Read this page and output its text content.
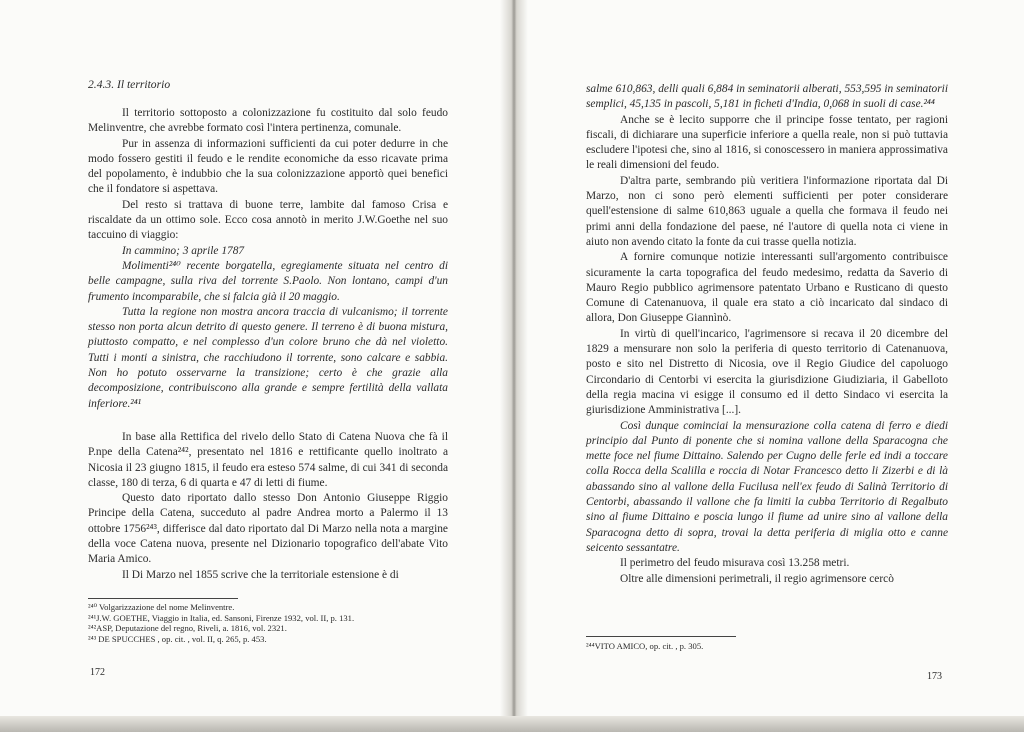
2.4.3. Il territorio

Il territorio sottoposto a colonizzazione fu costituito dal solo feudo Melinventre, che avrebbe formato così l'intera pertinenza, comunale.

Pur in assenza di informazioni sufficienti da cui poter dedurre in che modo fossero gestiti il feudo e le rendite economiche da esso ricavate prima del popolamento, è indubbio che la sua colonizzazione apportò quei benefici che il fondatore si aspettava.

Del resto si trattava di buone terre, lambite dal famoso Crisa e riscaldate da un ottimo sole. Ecco cosa annotò in merito J.W.Goethe nel suo taccuino di viaggio:

In cammino; 3 aprile 1787

Molimenti²⁴⁰ recente borgatella, egregiamente situata nel centro di belle campagne, sulla riva del torrente S.Paolo. Non lontano, campi d'un frumento incomparabile, che si falcia già il 20 maggio.

Tutta la regione non mostra ancora traccia di vulcanismo; il torrente stesso non porta alcun detrito di questo genere. Il terreno è di buona mistura, piuttosto compatto, e nel complesso d'un colore bruno che dà nel violetto. Tutti i monti a sinistra, che racchiudono il torrente, sono calcare e sabbia. Non ho potuto osservarne la transizione; certo è che grazie alla decomposizione, contribuiscono alla grande e sempre fertilità della vallata inferiore.²⁴¹

In base alla Rettifica del rivelo dello Stato di Catena Nuova che fà il P.npe della Catena²⁴², presentato nel 1816 e rettificante quello inoltrato a Nicosia il 23 giugno 1815, il feudo era esteso 574 salme, di cui 341 di seconda classe, 180 di terza, 6 di quarta e 47 di letti di fiume.

Questo dato riportato dallo stesso Don Antonio Giuseppe Riggio Principe della Catena, succeduto al padre Andrea morto a Palermo il 13 ottobre 1756²⁴³, differisce dal dato riportato dal Di Marzo nella nota a margine della voce Catena nuova, presente nel Dizionario topografico dell'abate Vito Maria Amico.

Il Di Marzo nel 1855 scrive che la territoriale estensione è di

²⁴⁰ Volgarizzazione del nome Melinventre.
²⁴¹J.W. GOETHE, Viaggio in Italia, ed. Sansoni, Firenze 1932, vol. II, p. 131.
²⁴²ASP, Deputazione del regno, Riveli, a. 1816, vol. 2321.
²⁴³ DE SPUCCHES , op. cit. , vol. II, q. 265, p. 453.
172

salme 610,863, delli quali 6,884 in seminatorii alberati, 553,595 in seminatorii semplici, 45,135 in pascoli, 5,181 in ficheti d'India, 0,068 in suoli di case.²⁴⁴

Anche se è lecito supporre che il principe fosse tentato, per ragioni fiscali, di dichiarare una superficie inferiore a quella reale, non si può tuttavia escludere l'ipotesi che, sino al 1816, si conoscessero in maniera approssimativa le reali dimensioni del feudo.

D'altra parte, sembrando più veritiera l'informazione riportata dal Di Marzo, non ci sono però elementi sufficienti per poter considerare quell'estensione di salme 610,863 uguale a quella che formava il feudo nei primi anni della fondazione del paese, né l'autore di quella nota ci viene in aiuto non avendo citato la fonte da cui trasse quella notizia.

A fornire comunque notizie interessanti sull'argomento contribuisce sicuramente la carta topografica del feudo medesimo, redatta da Saverio di Mauro Regio pubblico agrimensore patentato Urbano e Rusticano di questo Comune di Catenanuova, il quale era stato a ciò incaricato dal sindaco di allora, Don Giuseppe Giannìnò.

In virtù di quell'incarico, l'agrimensore si recava il 20 dicembre del 1829 a mensurare non solo la periferia di questo territorio di Catenanuova, posto e sito nel Distretto di Nicosia, ove il Regio Giudice del capoluogo Circondario di Centorbi vi esercita la giurisdizione Giudiziaria, il Gabelloto della regia macina vi esigge il consumo ed il detto Sindaco vi esercita la giurisdizione Amministrativa [...].

Così dunque cominciai la mensurazione colla catena di ferro e diedi principio dal Punto di ponente che si nomina vallone della Sparacogna che mette foce nel fiume Dittaino. Salendo per Cugno delle ferle ed indi a toccare colla Rocca della Scalilla e roccia di Notar Francesco detto li Zizerbi e di là abassando sino al vallone della Fucilusa nell'ex feudo di Salinà Territorio di Centorbi, abassando il vallone che fa limiti la cubba Territorio di Regalbuto sino al fiume Dittaino e poscia lungo il fiume ad unire sino al vallone della Sparacogna detto di sopra, trovai la detta periferia di miglia otto e canne seicento sessantatre.

Il perimetro del feudo misurava così 13.258 metri.

Oltre alle dimensioni perimetrali, il regio agrimensore cercò

²⁴⁴VITO AMICO, op. cit. , p. 305.
173
